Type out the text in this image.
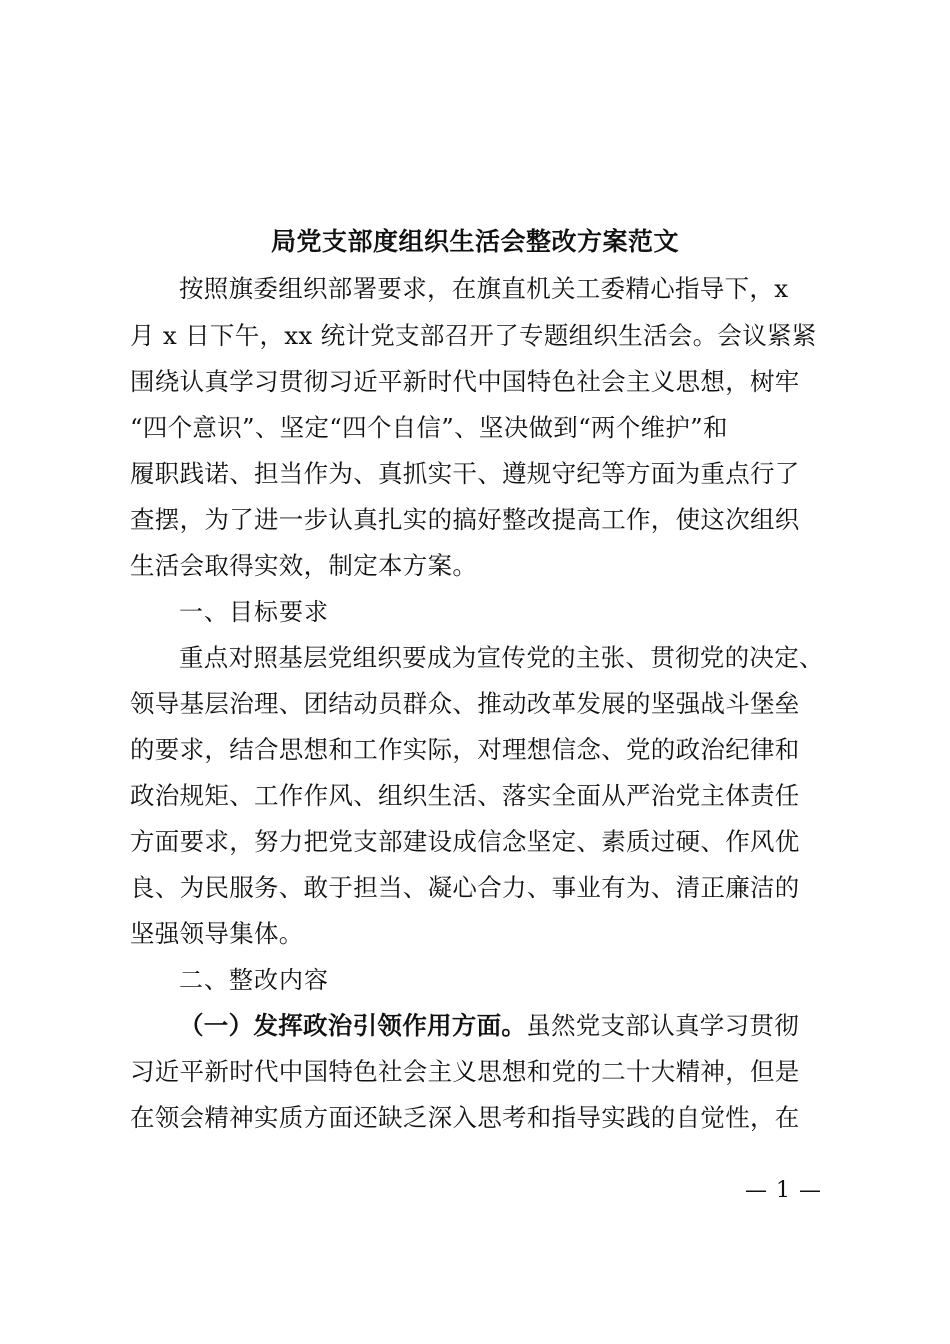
局党支部度组织生活会整改方案范文
按照旗委组织部署要求，在旗直机关工委精心指导下，x
月 x 日下午，xx 统计党支部召开了专题组织生活会。会议紧紧
围绕认真学习贯彻习近平新时代中国特色社会主义思想，树牢
“四个意识”、坚定“四个自信”、坚决做到“两个维护”和
履职践诺、担当作为、真抓实干、遵规守纪等方面为重点行了
查摆，为了进一步认真扎实的搞好整改提高工作，使这次组织
生活会取得实效，制定本方案。
一、目标要求
重点对照基层党组织要成为宣传党的主张、贯彻党的决定、
领导基层治理、团结动员群众、推动改革发展的坚强战斗堡垒
的要求，结合思想和工作实际，对理想信念、党的政治纪律和
政治规矩、工作作风、组织生活、落实全面从严治党主体责任
方面要求，努力把党支部建设成信念坚定、素质过硬、作风优
良、为民服务、敢于担当、凝心合力、事业有为、清正廉洁的
坚强领导集体。
二、整改内容
（一）发挥政治引领作用方面。虽然党支部认真学习贯彻
习近平新时代中国特色社会主义思想和党的二十大精神，但是
在领会精神实质方面还缺乏深入思考和指导实践的自觉性，在
— 1 —
